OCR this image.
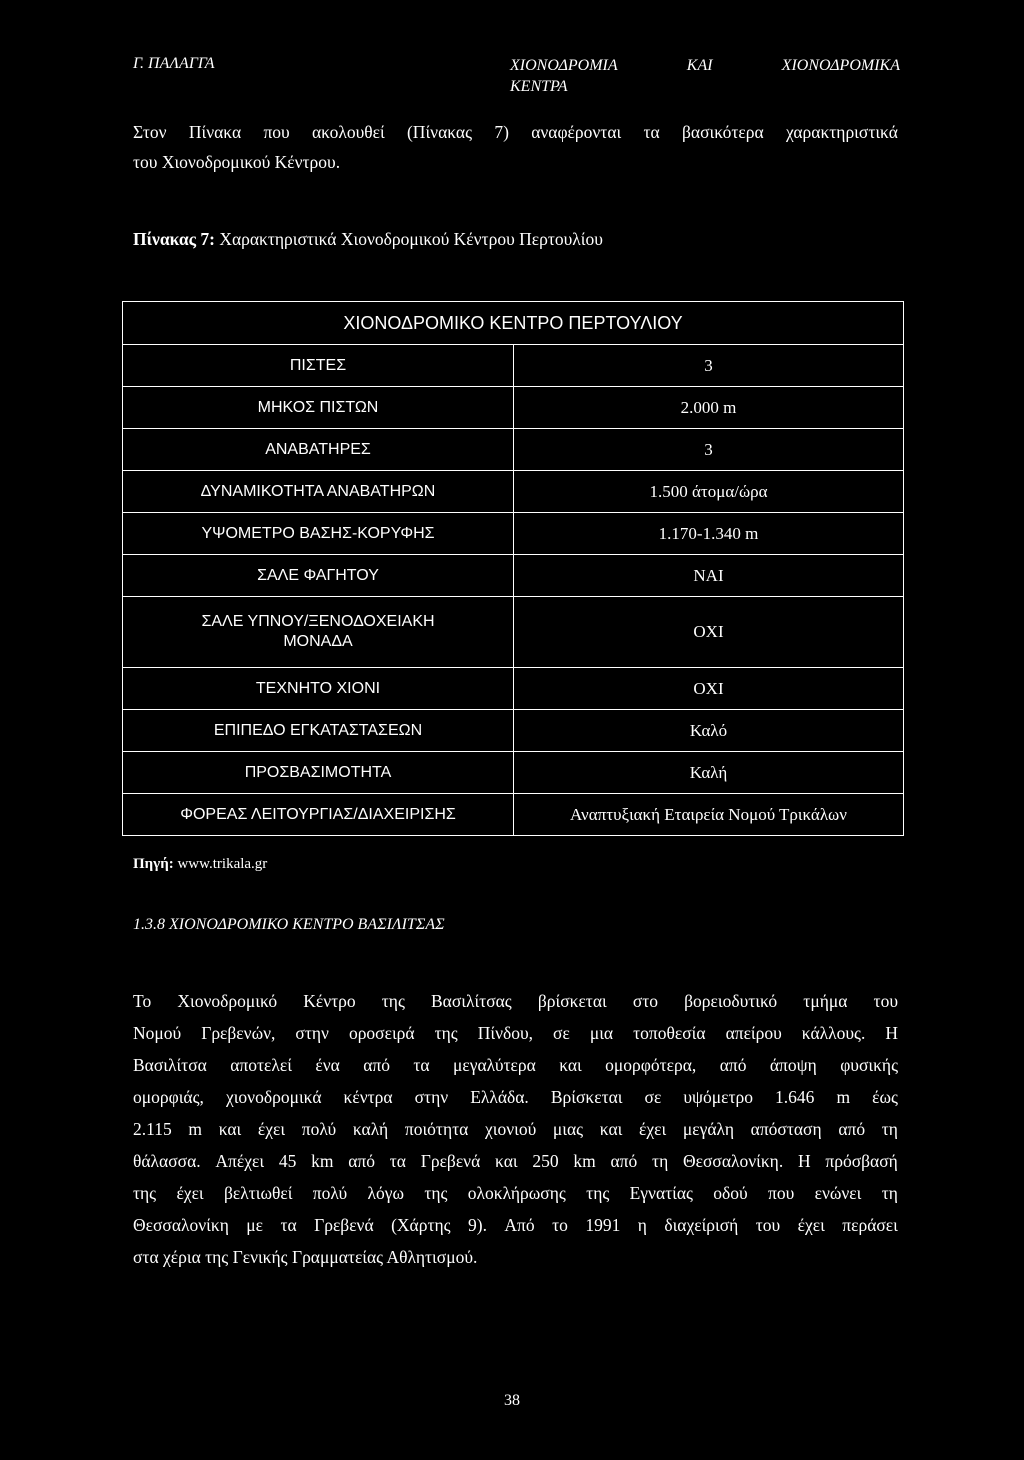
Γ. ΠΑΛΑΓΓΑ	ΧΙΟΝΟΔΡΟΜΙΑ	ΚΑΙ	ΧΙΟΝΟΔΡΟΜΙΚΑ
ΚΕΝΤΡΑ
Στον Πίνακα που ακολουθεί (Πίνακας 7) αναφέρονται τα βασικότερα χαρακτηριστικά
του Χιονοδρομικού Κέντρου.
Πίνακας 7: Χαρακτηριστικά Χιονοδρομικού Κέντρου Περτουλίου
ΧΙΟΝΟΔΡΟΜΙΚΟ ΚΕΝΤΡΟ ΠΕΡΤΟΥΛΙΟΥ	
ΠΙΣΤΕΣ	3
ΜΗΚΟΣ ΠΙΣΤΩΝ	2.000 m
ΑΝΑΒΑΤΗΡΕΣ	3
ΔΥΝΑΜΙΚΟΤΗΤΑ ΑΝΑΒΑΤΗΡΩΝ	1.500 άτομα/ώρα
ΥΨΟΜΕΤΡΟ ΒΑΣΗΣ-ΚΟΡΥΦΗΣ	1.170-1.340 m
ΣΑΛΕ ΦΑΓΗΤΟΥ	ΝΑΙ
ΣΑΛΕ ΥΠΝΟΥ/ΞΕΝΟΔΟΧΕΙΑΚΗ
ΜΟΝΑΔΑ	ΟΧΙ
ΤΕΧΝΗΤΟ ΧΙΟΝΙ	ΟΧΙ
ΕΠΙΠΕΔΟ ΕΓΚΑΤΑΣΤΑΣΕΩΝ	Καλό
ΠΡΟΣΒΑΣΙΜΟΤΗΤΑ	Καλή
ΦΟΡΕΑΣ ΛΕΙΤΟΥΡΓΙΑΣ/ΔΙΑΧΕΙΡΙΣΗΣ	Αναπτυξιακή Εταιρεία Νομού Τρικάλων
Πηγή: www.trikala.gr
1.3.8 ΧΙΟΝΟΔΡΟΜΙΚΟ ΚΕΝΤΡΟ ΒΑΣΙΛΙΤΣΑΣ
Το Χιονοδρομικό Κέντρο της Βασιλίτσας βρίσκεται στο βορειοδυτικό τμήμα του
Νομού Γρεβενών, στην οροσειρά της Πίνδου, σε μια τοποθεσία απείρου κάλλους. Η
Βασιλίτσα αποτελεί ένα από τα μεγαλύτερα και ομορφότερα, από άποψη φυσικής
ομορφιάς, χιονοδρομικά κέντρα στην Ελλάδα. Βρίσκεται σε υψόμετρο 1.646 m έως
2.115 m και έχει πολύ καλή ποιότητα χιονιού μιας και έχει μεγάλη απόσταση από τη
θάλασσα. Απέχει 45 km από τα Γρεβενά και 250 km από τη Θεσσαλονίκη. Η πρόσβασή
της έχει βελτιωθεί πολύ λόγω της ολοκλήρωσης της Εγνατίας οδού που ενώνει τη
Θεσσαλονίκη με τα Γρεβενά (Χάρτης 9). Από το 1991 η διαχείρισή του έχει περάσει
στα χέρια της Γενικής Γραμματείας Αθλητισμού.
38
